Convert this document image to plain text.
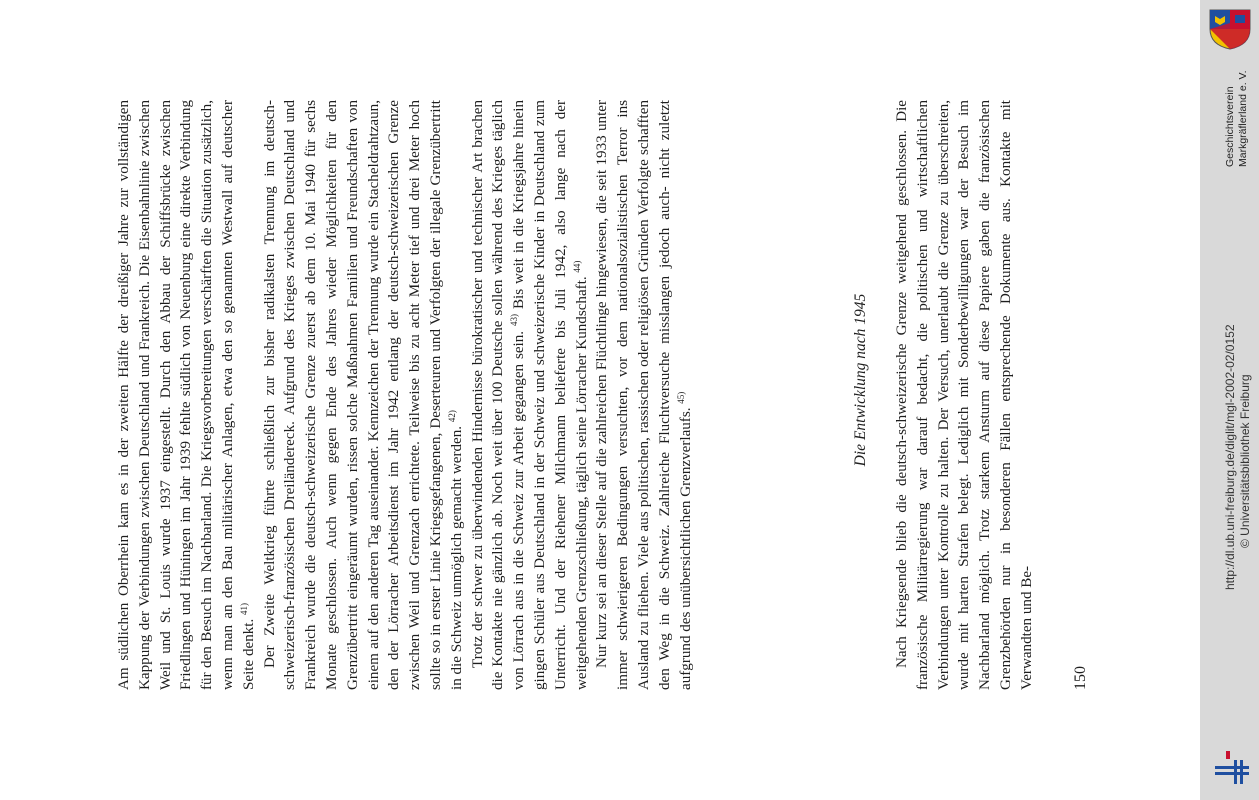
Am südlichen Oberrhein kam es in der zweiten Hälfte der dreißiger Jahre zur vollständigen Kappung der Verbindungen zwischen Deutschland und Frankreich. Die Eisenbahnlinie zwischen Weil und St. Louis wurde 1937 eingestellt. Durch den Abbau der Schiffsbrücke zwischen Friedlingen und Hüningen im Jahr 1939 fehlte südlich von Neuenburg eine direkte Verbindung für den Besuch im Nachbarland. Die Kriegsvorbereitungen verschärften die Situation zusätzlich, wenn man an den Bau militärischer Anlagen, etwa den so genannten Westwall auf deutscher Seite denkt. $^{41)}$ Der Zweite Weltkrieg führte schließlich zur bisher radikalsten Trennung im deutsch-schweizerisch-französischen Dreiländereck. Aufgrund des Krieges zwischen Deutschland und Frankreich wurde die deutsch-schweizerische Grenze zuerst ab dem 10. Mai 1940 für sechs Monate geschlossen. Auch wenn gegen Ende des Jahres wieder Möglichkeiten für den Grenzübertritt eingeräumt wurden, rissen solche Maßnahmen Familien und Freundschaften von einem auf den anderen Tag auseinander. Kennzeichen der Trennung wurde ein Stacheldrahtzaun, den der Lörracher Arbeitsdienst im Jahr 1942 entlang der deutsch-schweizerischen Grenze zwischen Weil und Grenzach errichtete. Teilweise bis zu acht Meter tief und drei Meter hoch sollte so in erster Linie Kriegsgefangenen, Deserteuren und Verfolgten der illegale Grenzübertritt in die Schweiz unmöglich gemacht werden. $^{42)}$ Trotz der schwer zu überwindenden Hindernisse bürokratischer und technischer Art brachen die Kontakte nie gänzlich ab. Noch weit über 100 Deutsche sollen während des Krieges täglich von Lörrach aus in die Schweiz zur Arbeit gegangen sein. $^{43)}$ Bis weit in die Kriegsjahre hinein gingen Schüler aus Deutschland in der Schweiz und schweizerische Kinder in Deutschland zum Unterricht. Und der Riehener Milchmann belieferte bis Juli 1942, also lange nach der weitgehenden Grenzschließung, täglich seine Lörracher Kundschaft. $^{44)}$ Nur kurz sei an dieser Stelle auf die zahlreichen Flüchtlinge hingewiesen, die seit 1933 unter immer schwierigeren Bedingungen versuchten, vor dem nationalsozialistischen Terror ins Ausland zu fliehen. Viele aus politischen, rassischen oder religiösen Gründen Verfolgte schafften den Weg in die Schweiz. Zahlreiche Fluchtversuche misslangen jedoch auch- nicht zuletzt aufgrund des unübersichtlichen Grenzverlaufs. $^{45)}$	Die Entwicklung nach 1945 Nach Kriegsende blieb die deutsch-schweizerische Grenze weitgehend geschlossen. Die französische Militärregierung war darauf bedacht, die politischen und wirtschaftlichen Verbindungen unter Kontrolle zu halten. Der Versuch, unerlaubt die Grenze zu überschreiten, wurde mit harten Strafen belegt. Lediglich mit Sonderbewilligungen war der Besuch im Nachbarland möglich. Trotz starkem Ansturm auf diese Papiere gaben die französischen Grenzbehörden nur in besonderen Fällen entsprechende Dokumente aus. Kontakte mit Verwandten und Be- 150
Geschichtsverein Markgräflerland e. V.
http://dl.ub.uni-freiburg.de/diglit/mgl-2002-02/0152 © Universitätsbibliothek Freiburg
